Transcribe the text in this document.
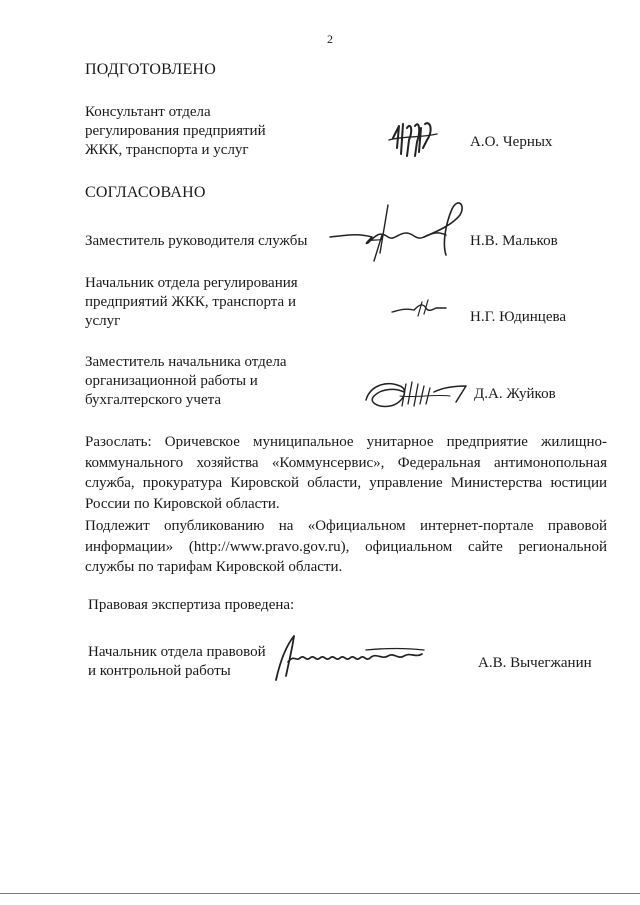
2
ПОДГОТОВЛЕНО
Консультант отдела
регулирования предприятий
ЖКК, транспорта и услуг	А.О. Черных
СОГЛАСОВАНО
Заместитель руководителя службы	Н.В. Мальков
Начальник отдела регулирования
предприятий ЖКК, транспорта и
услуг	Н.Г. Юдинцева
Заместитель начальника отдела
организационной работы и
бухгалтерского учета	Д.А. Жуйков
Разослать: Оричевское муниципальное унитарное предприятие жилищно-коммунального хозяйства «Коммунсервис», Федеральная антимонопольная служба, прокуратура Кировской области, управление Министерства юстиции России по Кировской области.
Подлежит опубликованию на «Официальном интернет-портале правовой информации» (http://www.pravo.gov.ru), официальном сайте региональной службы по тарифам Кировской области.
Правовая экспертиза проведена:
Начальник отдела правовой
и контрольной работы	А.В. Вычегжанин
